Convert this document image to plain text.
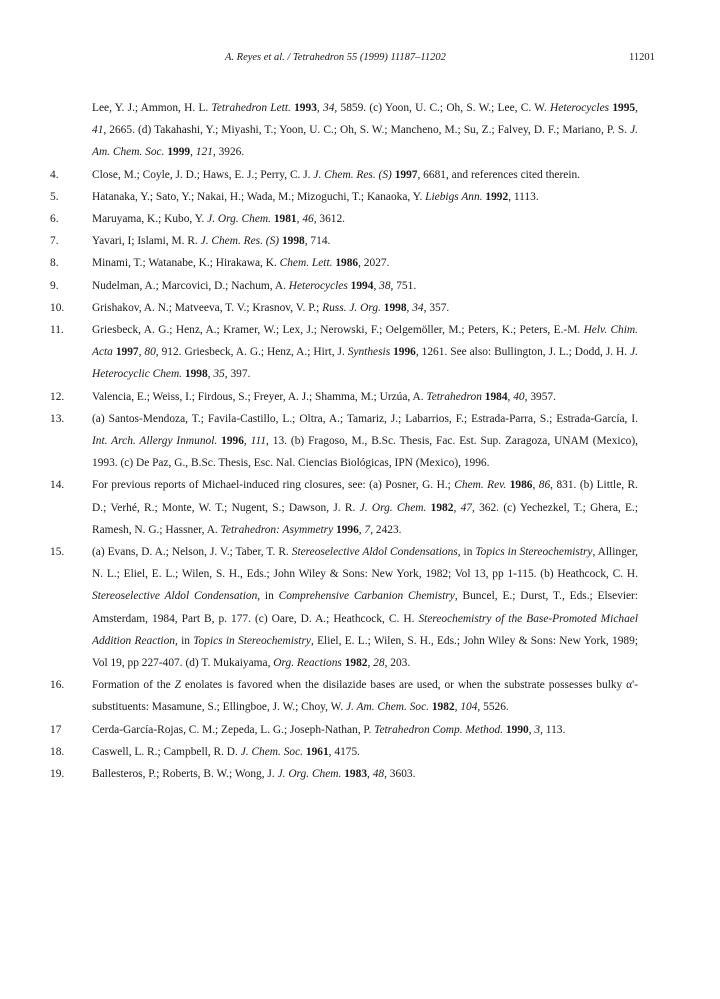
A. Reyes et al. / Tetrahedron 55 (1999) 11187–11202	11201
Lee, Y. J.; Ammon, H. L. Tetrahedron Lett. 1993, 34, 5859. (c) Yoon, U. C.; Oh, S. W.; Lee, C. W. Heterocycles 1995, 41, 2665. (d) Takahashi, Y.; Miyashi, T.; Yoon, U. C.; Oh, S. W.; Mancheno, M.; Su, Z.; Falvey, D. F.; Mariano, P. S. J. Am. Chem. Soc. 1999, 121, 3926.
4.	Close, M.; Coyle, J. D.; Haws, E. J.; Perry, C. J. J. Chem. Res. (S) 1997, 6681, and references cited therein.
5.	Hatanaka, Y.; Sato, Y.; Nakai, H.; Wada, M.; Mizoguchi, T.; Kanaoka, Y. Liebigs Ann. 1992, 1113.
6.	Maruyama, K.; Kubo, Y. J. Org. Chem. 1981, 46, 3612.
7.	Yavari, I; Islami, M. R. J. Chem. Res. (S) 1998, 714.
8.	Minami, T.; Watanabe, K.; Hirakawa, K. Chem. Lett. 1986, 2027.
9.	Nudelman, A.; Marcovici, D.; Nachum, A. Heterocycles 1994, 38, 751.
10.	Grishakov, A. N.; Matveeva, T. V.; Krasnov, V. P.; Russ. J. Org. 1998, 34, 357.
11.	Griesbeck, A. G.; Henz, A.; Kramer, W.; Lex, J.; Nerowski, F.; Oelgemöller, M.; Peters, K.; Peters, E.-M. Helv. Chim. Acta 1997, 80, 912. Griesbeck, A. G.; Henz, A.; Hirt, J. Synthesis 1996, 1261. See also: Bullington, J. L.; Dodd, J. H. J. Heterocyclic Chem. 1998, 35, 397.
12.	Valencia, E.; Weiss, I.; Firdous, S.; Freyer, A. J.; Shamma, M.; Urzúa, A. Tetrahedron 1984, 40, 3957.
13.	(a) Santos-Mendoza, T.; Favila-Castillo, L.; Oltra, A.; Tamariz, J.; Labarrios, F.; Estrada-Parra, S.; Estrada-García, I. Int. Arch. Allergy Inmunol. 1996, 111, 13. (b) Fragoso, M., B.Sc. Thesis, Fac. Est. Sup. Zaragoza, UNAM (Mexico), 1993. (c) De Paz, G., B.Sc. Thesis, Esc. Nal. Ciencias Biológicas, IPN (Mexico), 1996.
14.	For previous reports of Michael-induced ring closures, see: (a) Posner, G. H.; Chem. Rev. 1986, 86, 831. (b) Little, R. D.; Verhé, R.; Monte, W. T.; Nugent, S.; Dawson, J. R. J. Org. Chem. 1982, 47, 362. (c) Yechezkel, T.; Ghera, E.; Ramesh, N. G.; Hassner, A. Tetrahedron: Asymmetry 1996, 7, 2423.
15.	(a) Evans, D. A.; Nelson, J. V.; Taber, T. R. Stereoselective Aldol Condensations, in Topics in Stereochemistry, Allinger, N. L.; Eliel, E. L.; Wilen, S. H., Eds.; John Wiley & Sons: New York, 1982; Vol 13, pp 1-115. (b) Heathcock, C. H. Stereoselective Aldol Condensation, in Comprehensive Carbanion Chemistry, Buncel, E.; Durst, T., Eds.; Elsevier: Amsterdam, 1984, Part B, p. 177. (c) Oare, D. A.; Heathcock, C. H. Stereochemistry of the Base-Promoted Michael Addition Reaction, in Topics in Stereochemistry, Eliel, E. L.; Wilen, S. H., Eds.; John Wiley & Sons: New York, 1989; Vol 19, pp 227-407. (d) T. Mukaiyama, Org. Reactions 1982, 28, 203.
16.	Formation of the Z enolates is favored when the disilazide bases are used, or when the substrate possesses bulky α'-substituents: Masamune, S.; Ellingboe, J. W.; Choy, W. J. Am. Chem. Soc. 1982, 104, 5526.
17	Cerda-García-Rojas, C. M.; Zepeda, L. G.; Joseph-Nathan, P. Tetrahedron Comp. Method. 1990, 3, 113.
18.	Caswell, L. R.; Campbell, R. D. J. Chem. Soc. 1961, 4175.
19.	Ballesteros, P.; Roberts, B. W.; Wong, J. J. Org. Chem. 1983, 48, 3603.
